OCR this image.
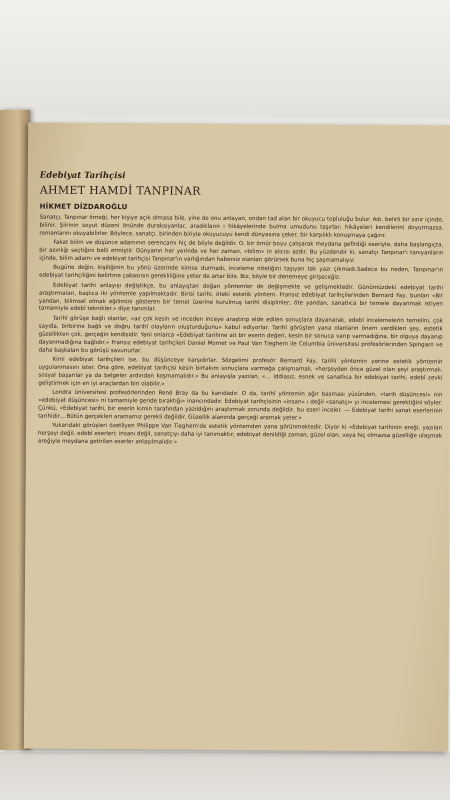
Edebiyat Tarihçisi
AHMET HAMDİ TANPINAR
HİKMET DİZDAROĞLU

Sanatçı, Tanpınar örneği, her kişiye açık olmasa bile, yine de onu anlayan, ondan tad alan bir okuyucu topluluğu bulur. Adı, belirli bir sınır içinde, bilinir. Şiirinin soyut düzeni önünde duraksıyanlar, aradıkların ı hikâyelerinde bulma umudunu taşırlar; hikâyeleri kendilerini doyurmazsa, romanlarını okuyabilirler. Böylece, sanatçı, birinden biriyle okuyucuyu kendi dünyasına çeker, bir karşılıklı konuşmaya çağırır.

Fakat bilim ve düşünce adamının serencamı hiç de böyle değildir. O, bir ömür boyu çalışarak meydana gefirdiği eseriyle, daha başlangıçta, bir azınlığı seçtiğini belli etmiştir. Dünyanın her yerinde ve her zaman, «bilim» in alıcısı azdır. Bu yüzdendir ki, sanatçı Tanpınar'ı tanıyanların içinde, bilim adamı ve edebiyat tarihçisi Tanpınar'ın varlığından habersiz olanları görürsek buna hiç şaşmamalıyız.

Bugüne değin, kişiliğinin bu yönü üzerinde kimse durmadı, inceleme niteliğini taşıyan tek yazı çıkmadı.Sadece bu neden, Tanpınar'ın edebiyat tarihçiliğini belirtme çabasının gerekliliğine yeter de artar bile. Biz, böyle bir denemeye girişeceğiz.

Edebiyat tarihi anlayışı değiştikçe, bu anlayıştan doğan yöntemler de değişmekte ve gelişmektedir. Günümüzdeki edebiyat tarihi araştırmaları, başlıca iki yöntemle yapılmaktadır. Birisi tarihi, öteki estetik yöntem. Fransız edebiyat tarihçilerinden Bernard Fay, bunları «Bir yandan, bilimsel olmak eğilimini gösteren bir temel üzerine kurulmuş tarihî disiplinler, öte yandan, sanatlıca bir temele dayanmak istiyen tamamiyle edebî teknikler.» diye tanımlar.

Tarihî görüşe bağlı olanlar, «az çok kesin ve inceden inceye araştırıp elde edilen sonuçlara dayanarak, edebî incelemelerin temelini, çok sayıda, birbirine bağlı ve doğru tarihî olayların oluşturduğunu» kabul ediyorlar. Tarihî görüşten yana olanların önem verdikleri şey, estetik güzellikten çok, gerçeğin kendisidir. Yani onlarca «Edebiyat tarihine ait bir eserin değeri, kesin bir sonuca varıp varmadığına, bir olguya dayanıp dayanmadığına bağlıdır.» Fransız edebiyat tarihçileri Daniel Mornet ve Paul Van Tieghem ile Columbia üniversitesi profesörlerinden Spingarn ve daha başkaları bu görüşü savunurlar.

Kimi edebiyat tarihçileri ise, bu düşünceye karşıdırlar. Sözgelimi profesör Bernard Fay, tarihî yöntemin yerine estetik yöntemin uygulanmasını ister. Ona göre, edebiyat tarihçisi kesin birtakım sonuçlara varmağa çalışmamalı, «herşeyden önce güzel olan şeyi araştırmalı, sosyal başarılar ya da belgeler ardından koşmamalıdır.» Bu anlayışla yazılan, «... iddiasız, esnek ve sanatlıca bir edebiyat tarihi, edebî zevki geliştirmek için en iyi araçlardan biri olabilir.»

Londra üniversitesi profesörlerinden René Bray da bu kanıdadır. O da, tarihî yöntemin ağır basması yüzünden, «tarih düşüncesi» nin «edebiyat düşüncesi» ni tamamiyle geride bıraktığı» inancındadır. Edebiyat tarihçisinin «insan» ı değil «sanatçı» yı incelemesi gerektiğini söyler. Çünkü, «Edebiyat tarihi, bir eserin kimin tarafından yazıldığını araştırmak zorunda değildir, bu eseri inceler. — Edebiyat tarihi sanat eserlerinin tarihidir... Bütün gerçekleri aramamız gerekli değildir. Güzellik alanında gerçeği aramak yeter.»

Yukarıdaki görüşleri özetliyen Philippe Van Tieghem'de estetik yöntemden yana görünmektedir. Diyor ki «Edebiyat tarihinin ereği, yazılan herşeyi değil, edebî eserleri; insanı değil, sanatçıyı daha iyi tanımaktır; edebiyat denildiği zaman, güzel olan, veya hiç olmazsa güzelliğe ulaşmak ereğiyle meydana getirilen eserler anlaşılmalıdır.»
